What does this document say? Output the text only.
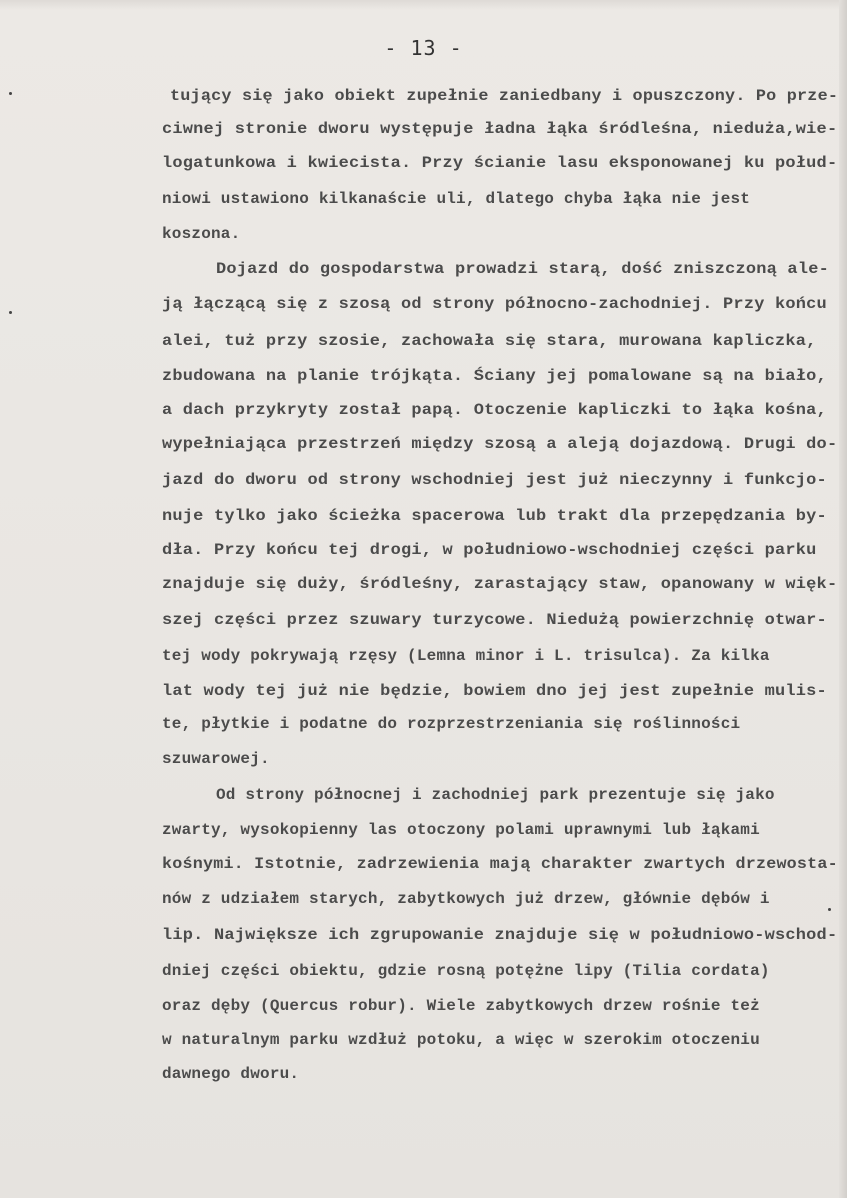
- 13 -
tujący się jako obiekt zupełnie zaniedbany i opuszczony. Po prze-
ciwnej stronie dworu występuje ładna łąka śródleśna, nieduża,wie-
logatunkowa i kwiecista. Przy ścianie lasu eksponowanej ku połud-
niowi ustawiono kilkanaście uli, dlatego chyba łąka nie jest
koszona.
Dojazd do gospodarstwa prowadzi starą, dość zniszczoną ale-
ją łączącą się z szosą od strony północno-zachodniej. Przy końcu
alei, tuż przy szosie, zachowała się stara, murowana kapliczka,
zbudowana na planie trójkąta. Ściany jej pomalowane są na biało,
a dach przykryty został papą. Otoczenie kapliczki to łąka kośna,
wypełniająca przestrzeń między szosą a aleją dojazdową. Drugi do-
jazd do dworu od strony wschodniej jest już nieczynny i funkcjo-
nuje tylko jako ścieżka spacerowa lub trakt dla przepędzania by-
dła. Przy końcu tej drogi, w południowo-wschodniej części parku
znajduje się duży, śródleśny, zarastający staw, opanowany w więk-
szej części przez szuwary turzycowe. Niedużą powierzchnię otwar-
tej wody pokrywają rzęsy (Lemna minor i L. trisulca). Za kilka
lat wody tej już nie będzie, bowiem dno jej jest zupełnie mulis-
te, płytkie i podatne do rozprzestrzeniania się roślinności
szuwarowej.
Od strony północnej i zachodniej park prezentuje się jako
zwarty, wysokopienny las otoczony polami uprawnymi lub łąkami
kośnymi. Istotnie, zadrzewienia mają charakter zwartych drzewosta-
nów z udziałem starych, zabytkowych już drzew, głównie dębów i
lip. Największe ich zgrupowanie znajduje się w południowo-wschod-
dniej części obiektu, gdzie rosną potężne lipy (Tilia cordata)
oraz dęby (Quercus robur). Wiele zabytkowych drzew rośnie też
w naturalnym parku wzdłuż potoku, a więc w szerokim otoczeniu
dawnego dworu.
